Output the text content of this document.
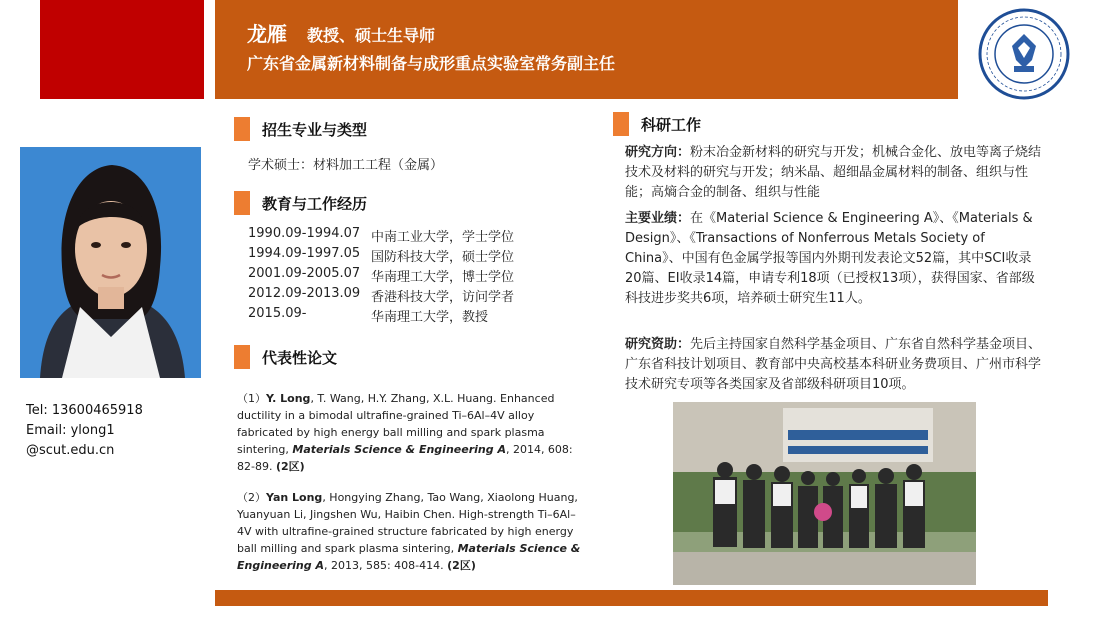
龙雁 教授、硕士生导师
广东省金属新材料制备与成形重点实验室常务副主任
Tel: 13600465918
Email: ylong1
@scut.edu.cn
招生专业与类型
学术硕士：材料加工工程（金属）
教育与工作经历
1990.09-1994.07 中南工业大学，学士学位
1994.09-1997.05 国防科技大学，硕士学位
2001.09-2005.07 华南理工大学，博士学位
2012.09-2013.09 香港科技大学，访问学者
2015.09-	华南理工大学，教授
代表性论文
（1）Y. Long, T. Wang, H.Y. Zhang, X.L. Huang. Enhanced ductility in a bimodal ultrafine-grained Ti–6Al–4V alloy fabricated by high energy ball milling and spark plasma sintering, Materials Science & Engineering A, 2014, 608: 82-89. (2区)
（2）Yan Long, Hongying Zhang, Tao Wang, Xiaolong Huang, Yuanyuan Li, Jingshen Wu, Haibin Chen. High-strength Ti–6Al–4V with ultrafine-grained structure fabricated by high energy ball milling and spark plasma sintering, Materials Science & Engineering A, 2013, 585: 408-414. (2区)
科研工作
研究方向：粉末冶金新材料的研究与开发；机械合金化、放电等离子烧结技术及材料的研究与开发；纳米晶、超细晶金属材料的制备、组织与性能；高熵合金的制备、组织与性能
主要业绩：在《Material Science & Engineering A》、《Materials & Design》、《Transactions of Nonferrous Metals Society of China》、中国有色金属学报等国内外期刊发表论文52篇，其中SCI收录20篇、EI收录14篇，申请专利18项（已授权13项），获得国家、省部级科技进步奖共6项，培养硕士研究生11人。
研究资助：先后主持国家自然科学基金项目、广东省自然科学基金项目、广东省科技计划项目、教育部中央高校基本科研业务费项目、广州市科学技术研究专项等各类国家及省部级科研项目10项。
